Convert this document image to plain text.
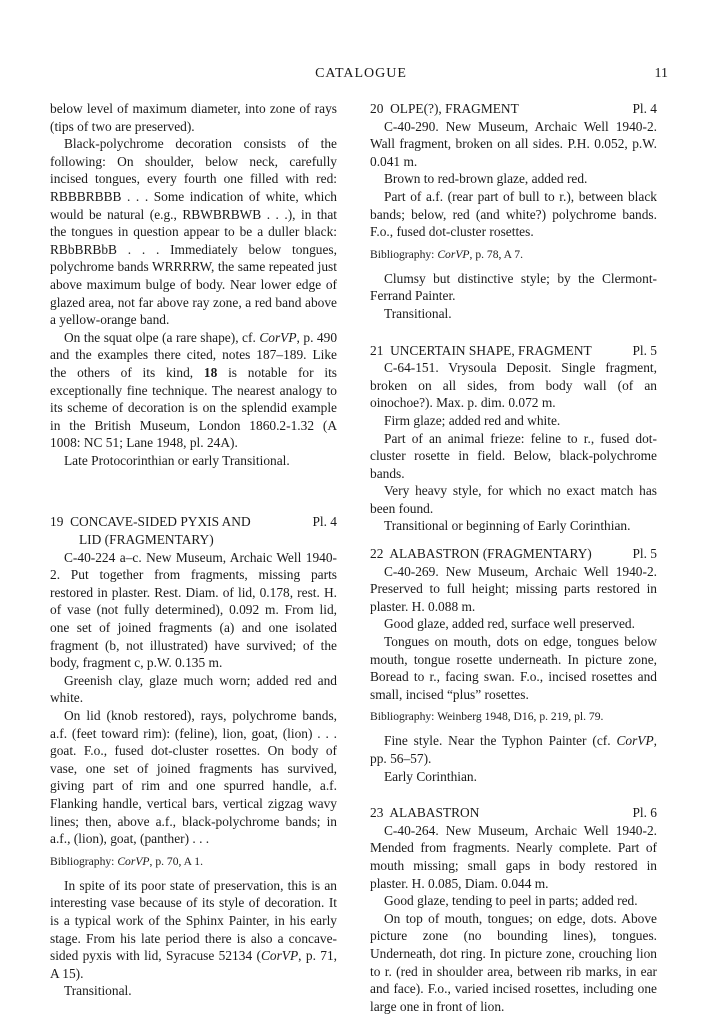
CATALOGUE	11

below level of maximum diameter, into zone of rays (tips of two are preserved).

Black-polychrome decoration consists of the following: On shoulder, below neck, carefully incised tongues, every fourth one filled with red: RBBBRBBB . . . Some indication of white, which would be natural (e.g., RBWBRBWB . . .), in that the tongues in question appear to be a duller black: RBbBRBbB . . . Immediately below tongues, polychrome bands WRRRRW, the same repeated just above maximum bulge of body. Near lower edge of glazed area, not far above ray zone, a red band above a yellow-orange band.

On the squat olpe (a rare shape), cf. CorVP, p. 490 and the examples there cited, notes 187–189. Like the others of its kind, 18 is notable for its exceptionally fine technique. The nearest analogy to its scheme of decoration is on the splendid example in the British Museum, London 1860.2-1.32 (A 1008: NC 51; Lane 1948, pl. 24A).

Late Protocorinthian or early Transitional.

19 CONCAVE-SIDED PYXIS AND	Pl. 4
LID (FRAGMENTARY)

C-40-224 a–c. New Museum, Archaic Well 1940-2. Put together from fragments, missing parts restored in plaster. Rest. Diam. of lid, 0.178, rest. H. of vase (not fully determined), 0.092 m. From lid, one set of joined fragments (a) and one isolated fragment (b, not illustrated) have survived; of the body, fragment c, p.W. 0.135 m.

Greenish clay, glaze much worn; added red and white.

On lid (knob restored), rays, polychrome bands, a.f. (feet toward rim): (feline), lion, goat, (lion) . . . goat. F.o., fused dot-cluster rosettes. On body of vase, one set of joined fragments has survived, giving part of rim and one spurred handle, a.f. Flanking handle, vertical bars, vertical zigzag wavy lines; then, above a.f., black-polychrome bands; in a.f., (lion), goat, (panther) . . .

Bibliography: CorVP, p. 70, A 1.

In spite of its poor state of preservation, this is an interesting vase because of its style of decoration. It is a typical work of the Sphinx Painter, in his early stage. From his late period there is also a concave-sided pyxis with lid, Syracuse 52134 (CorVP, p. 71, A 15).

Transitional.

20 OLPE(?), FRAGMENT	Pl. 4

C-40-290. New Museum, Archaic Well 1940-2. Wall fragment, broken on all sides. P.H. 0.052, p.W. 0.041 m.

Brown to red-brown glaze, added red.

Part of a.f. (rear part of bull to r.), between black bands; below, red (and white?) polychrome bands. F.o., fused dot-cluster rosettes.

Bibliography: CorVP, p. 78, A 7.

Clumsy but distinctive style; by the Clermont-Ferrand Painter.

Transitional.

21 UNCERTAIN SHAPE, FRAGMENT	Pl. 5

C-64-151. Vrysoula Deposit. Single fragment, broken on all sides, from body wall (of an oinochoe?). Max. p. dim. 0.072 m.

Firm glaze; added red and white.

Part of an animal frieze: feline to r., fused dot-cluster rosette in field. Below, black-polychrome bands.

Very heavy style, for which no exact match has been found.

Transitional or beginning of Early Corinthian.

22 ALABASTRON (FRAGMENTARY)	Pl. 5

C-40-269. New Museum, Archaic Well 1940-2. Preserved to full height; missing parts restored in plaster. H. 0.088 m.

Good glaze, added red, surface well preserved.

Tongues on mouth, dots on edge, tongues below mouth, tongue rosette underneath. In picture zone, Boread to r., facing swan. F.o., incised rosettes and small, incised “plus” rosettes.

Bibliography: Weinberg 1948, D16, p. 219, pl. 79.

Fine style. Near the Typhon Painter (cf. CorVP, pp. 56–57).

Early Corinthian.

23 ALABASTRON	Pl. 6

C-40-264. New Museum, Archaic Well 1940-2. Mended from fragments. Nearly complete. Part of mouth missing; small gaps in body restored in plaster. H. 0.085, Diam. 0.044 m.

Good glaze, tending to peel in parts; added red.

On top of mouth, tongues; on edge, dots. Above picture zone (no bounding lines), tongues. Underneath, dot ring. In picture zone, crouching lion to r. (red in shoulder area, between rib marks, in ear and face). F.o., varied incised rosettes, including one large one in front of lion.
